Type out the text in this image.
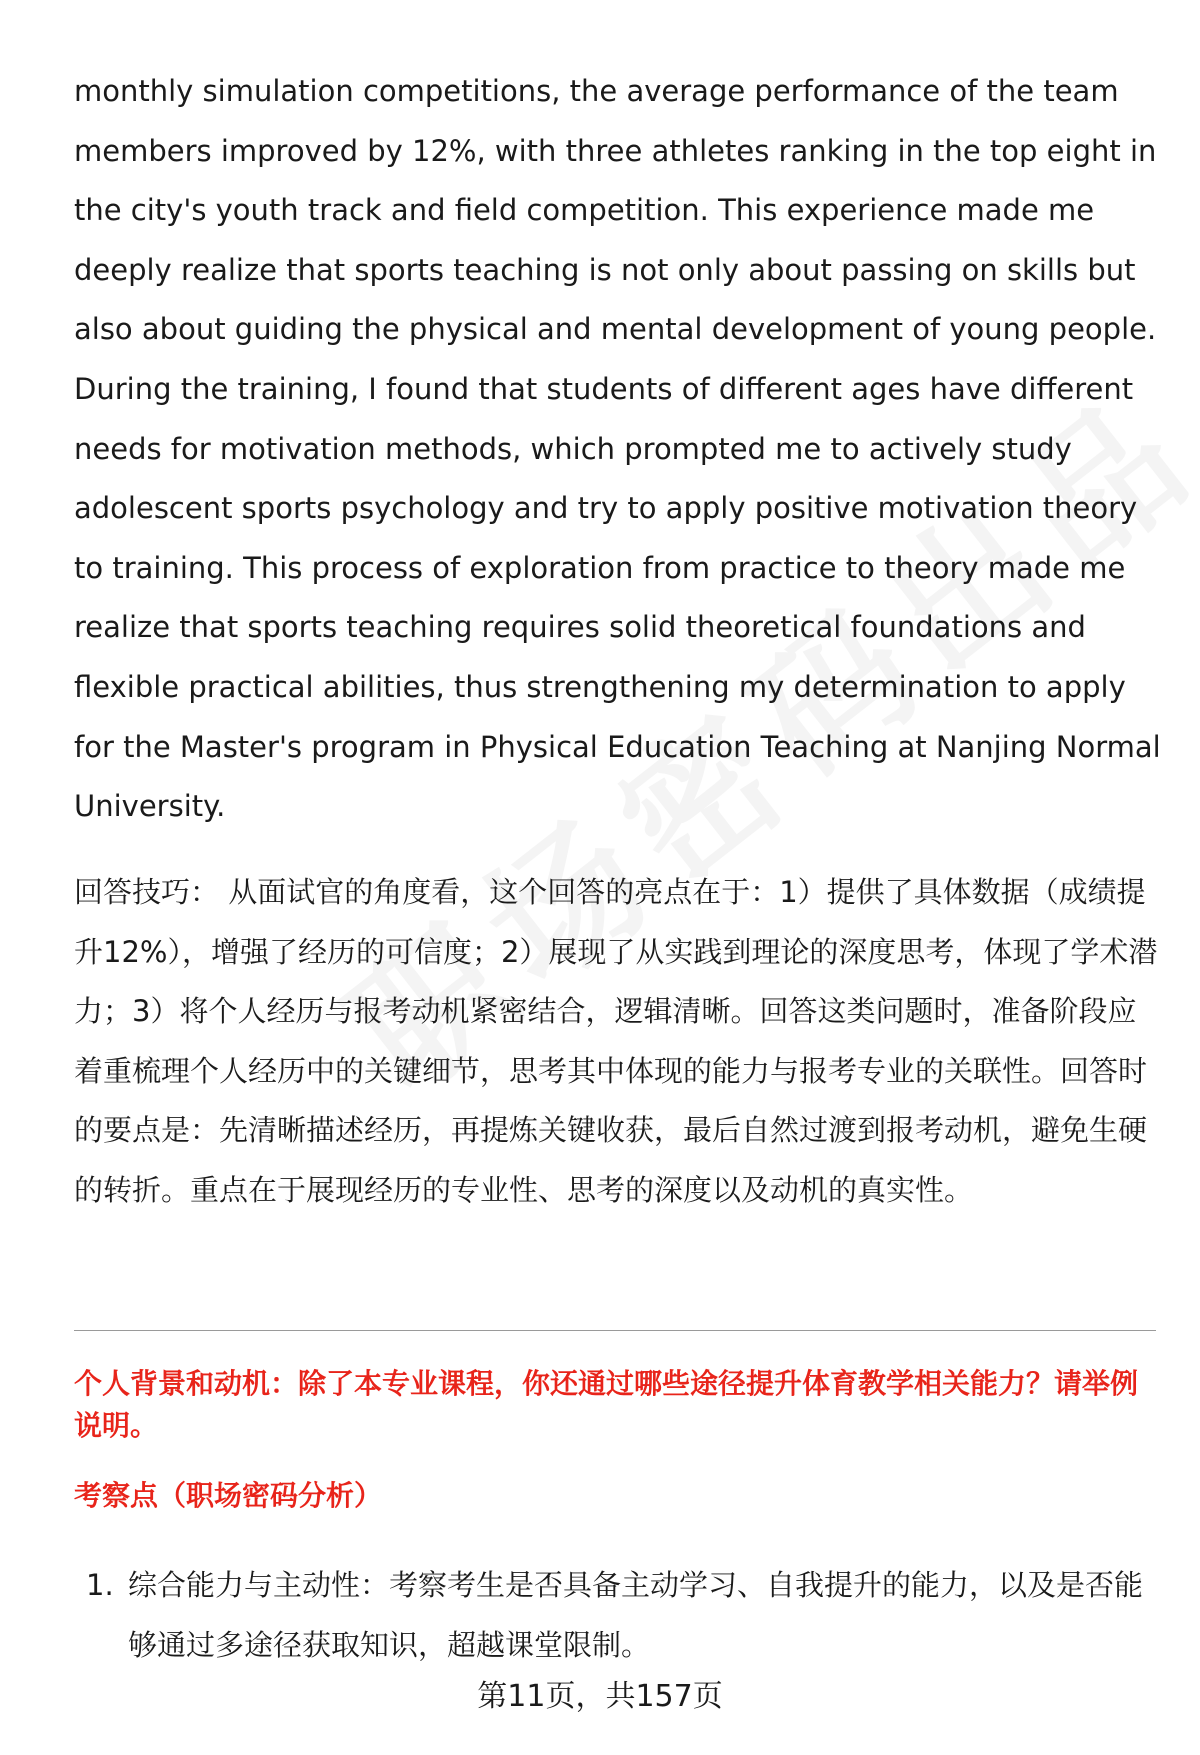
monthly simulation competitions, the average performance of the team members improved by 12%, with three athletes ranking in the top eight in the city's youth track and field competition. This experience made me deeply realize that sports teaching is not only about passing on skills but also about guiding the physical and mental development of young people. During the training, I found that students of different ages have different needs for motivation methods, which prompted me to actively study adolescent sports psychology and try to apply positive motivation theory to training. This process of exploration from practice to theory made me realize that sports teaching requires solid theoretical foundations and flexible practical abilities, thus strengthening my determination to apply for the Master's program in Physical Education Teaching at Nanjing Normal University.

回答技巧： 从面试官的角度看，这个回答的亮点在于：1）提供了具体数据（成绩提升12%），增强了经历的可信度；2）展现了从实践到理论的深度思考，体现了学术潜力；3）将个人经历与报考动机紧密结合，逻辑清晰。回答这类问题时，准备阶段应着重梳理个人经历中的关键细节，思考其中体现的能力与报考专业的关联性。回答时的要点是：先清晰描述经历，再提炼关键收获，最后自然过渡到报考动机，避免生硬的转折。重点在于展现经历的专业性、思考的深度以及动机的真实性。

个人背景和动机：除了本专业课程，你还通过哪些途径提升体育教学相关能力？请举例说明。

考察点（职场密码分析）

1. 综合能力与主动性：考察考生是否具备主动学习、自我提升的能力，以及是否能够通过多途径获取知识，超越课堂限制。
第11页，共157页
